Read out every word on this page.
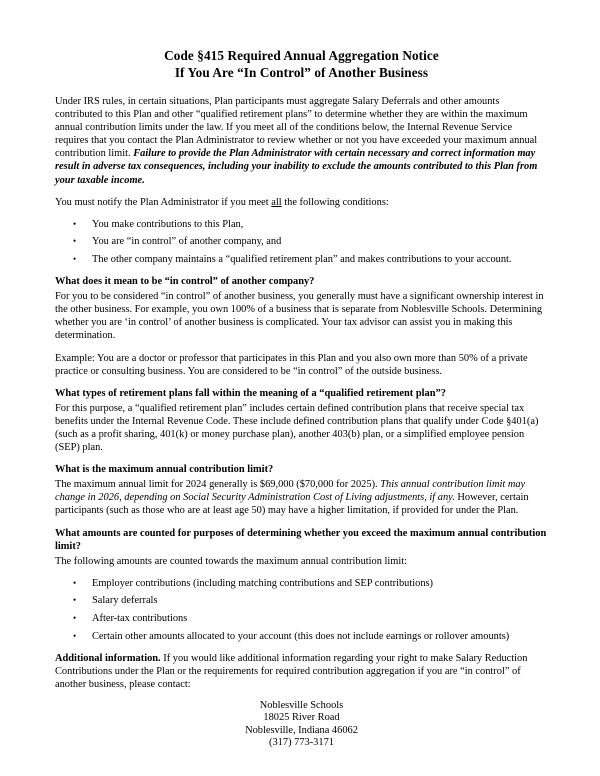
Code §415 Required Annual Aggregation Notice
If You Are “In Control” of Another Business

Under IRS rules, in certain situations, Plan participants must aggregate Salary Deferrals and other amounts contributed to this Plan and other “qualified retirement plans” to determine whether they are within the maximum annual contribution limits under the law. If you meet all of the conditions below, the Internal Revenue Service requires that you contact the Plan Administrator to review whether or not you have exceeded your maximum annual contribution limit. Failure to provide the Plan Administrator with certain necessary and correct information may result in adverse tax consequences, including your inability to exclude the amounts contributed to this Plan from your taxable income.

You must notify the Plan Administrator if you meet all the following conditions:

• You make contributions to this Plan,
• You are “in control” of another company, and
• The other company maintains a “qualified retirement plan” and makes contributions to your account.
What does it mean to be “in control” of another company?

For you to be considered “in control” of another business, you generally must have a significant ownership interest in the other business. For example, you own 100% of a business that is separate from Noblesville Schools. Determining whether you are ‘in control’ of another business is complicated. Your tax advisor can assist you in making this determination.

Example: You are a doctor or professor that participates in this Plan and you also own more than 50% of a private practice or consulting business. You are considered to be “in control” of the outside business.

What types of retirement plans fall within the meaning of a “qualified retirement plan”?

For this purpose, a “qualified retirement plan” includes certain defined contribution plans that receive special tax benefits under the Internal Revenue Code. These include defined contribution plans that qualify under Code §401(a) (such as a profit sharing, 401(k) or money purchase plan), another 403(b) plan, or a simplified employee pension (SEP) plan.

What is the maximum annual contribution limit?

The maximum annual limit for 2024 generally is $69,000 ($70,000 for 2025). This annual contribution limit may change in 2026, depending on Social Security Administration Cost of Living adjustments, if any. However, certain participants (such as those who are at least age 50) may have a higher limitation, if provided for under the Plan.

What amounts are counted for purposes of determining whether you exceed the maximum annual contribution limit?

The following amounts are counted towards the maximum annual contribution limit:

• Employer contributions (including matching contributions and SEP contributions)
• Salary deferrals
• After-tax contributions
• Certain other amounts allocated to your account (this does not include earnings or rollover amounts)

Additional information. If you would like additional information regarding your right to make Salary Reduction Contributions under the Plan or the requirements for required contribution aggregation if you are “in control” of another business, please contact:

Noblesville Schools
18025 River Road
Noblesville, Indiana 46062
(317) 773-3171
